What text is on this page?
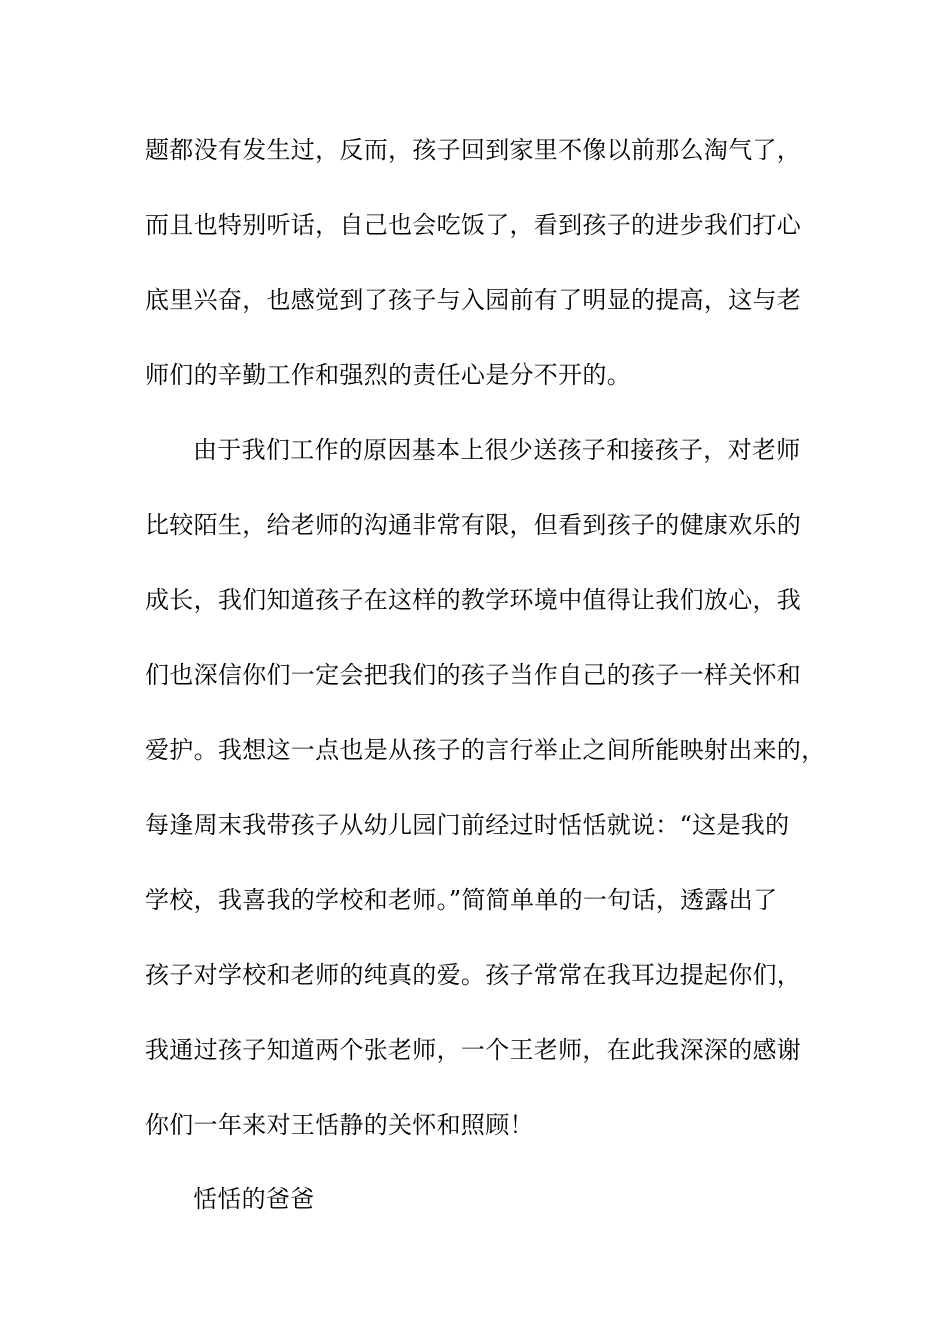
题都没有发生过，反而，孩子回到家里不像以前那么淘气了，
而且也特别听话，自己也会吃饭了，看到孩子的进步我们打心
底里兴奋，也感觉到了孩子与入园前有了明显的提高，这与老
师们的辛勤工作和强烈的责任心是分不开的。
由于我们工作的原因基本上很少送孩子和接孩子，对老师
比较陌生，给老师的沟通非常有限，但看到孩子的健康欢乐的
成长，我们知道孩子在这样的教学环境中值得让我们放心，我
们也深信你们一定会把我们的孩子当作自己的孩子一样关怀和
爱护。我想这一点也是从孩子的言行举止之间所能映射出来的，
每逢周末我带孩子从幼儿园门前经过时恬恬就说：“这是我的
学校，我喜我的学校和老师。”简简单单的一句话，透露出了
孩子对学校和老师的纯真的爱。孩子常常在我耳边提起你们，
我通过孩子知道两个张老师，一个王老师，在此我深深的感谢
你们一年来对王恬静的关怀和照顾！
恬恬的爸爸
